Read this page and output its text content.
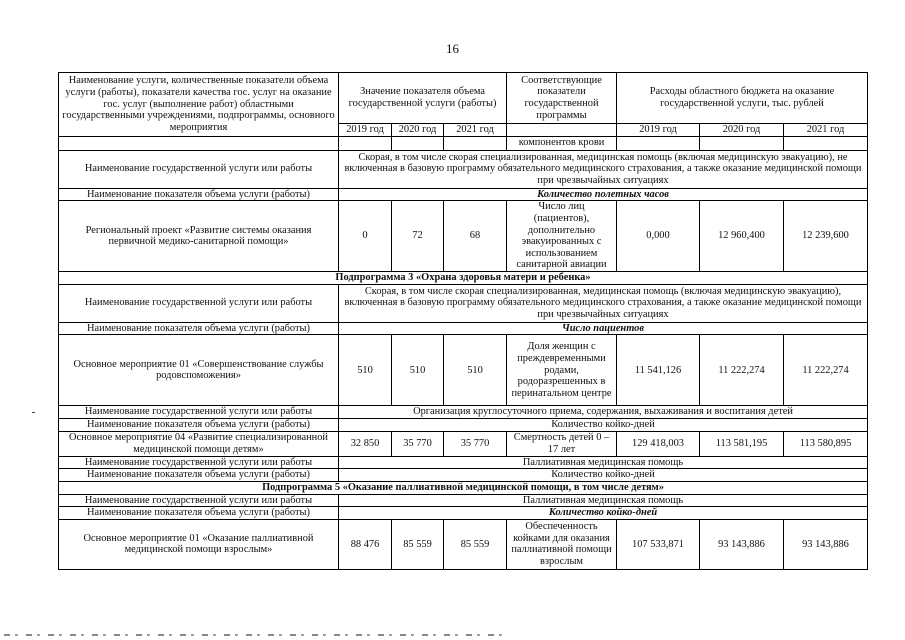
16
Наименование услуги, количественные показатели объема услуги (работы), показатели качества гос. услуг на оказание гос. услуг (выполнение работ) областными государственными учреждениями, подпрограммы, основного мероприятия	Значение показателя объема государственной услуги (работы)			Соответствующие показатели государственной программы	Расходы областного бюджета на оказание государственной услуги, тыс. рублей		
	2019 год	2020 год	2021 год		2019 год	2020 год	2021 год
				компонентов крови			
Наименование государственной услуги или работы	Скорая, в том числе скорая специализированная, медицинская помощь (включая медицинскую эвакуацию), не включенная в базовую программу обязательного медицинского страхования, а также оказание медицинской помощи при чрезвычайных ситуациях						
Наименование показателя объема услуги (работы)	Количество полетных часов						
Региональный проект «Развитие системы оказания первичной медико-санитарной помощи»	0	72	68	Число лиц (пациентов), дополнительно эвакуированных с использованием санитарной авиации	0,000	12 960,400	12 239,600
Подпрограмма 3 «Охрана здоровья матери и ребенка»							
Наименование государственной услуги или работы	Скорая, в том числе скорая специализированная, медицинская помощь (включая медицинскую эвакуацию), включенная в базовую программу обязательного медицинского страхования, а также оказание медицинской помощи при чрезвычайных ситуациях						
Наименование показателя объема услуги (работы)	Число пациентов						
Основное мероприятие 01 «Совершенствование службы родовспоможения»	510	510	510	Доля женщин с преждевременными родами, родоразрешенных в перинатальном центре	11 541,126	11 222,274	11 222,274
Наименование государственной услуги или работы	Организация круглосуточного приема, содержания, выхаживания и воспитания детей						
Наименование показателя объема услуги (работы)	Количество койко-дней						
Основное мероприятие 04 «Развитие специализированной медицинской помощи детям»	32 850	35 770	35 770	Смертность детей 0 – 17 лет	129 418,003	113 581,195	113 580,895
Наименование государственной услуги или работы	Паллиативная медицинская помощь						
Наименование показателя объема услуги (работы)	Количество койко-дней						
Подпрограмма 5 «Оказание паллиативной медицинской помощи, в том числе детям»							
Наименование государственной услуги или работы	Паллиативная медицинская помощь						
Наименование показателя объема услуги (работы)	Количество койко-дней						
Основное мероприятие 01 «Оказание паллиативной медицинской помощи взрослым»	88 476	85 559	85 559	Обеспеченность койками для оказания паллиативной помощи взрослым	107 533,871	93 143,886	93 143,886
